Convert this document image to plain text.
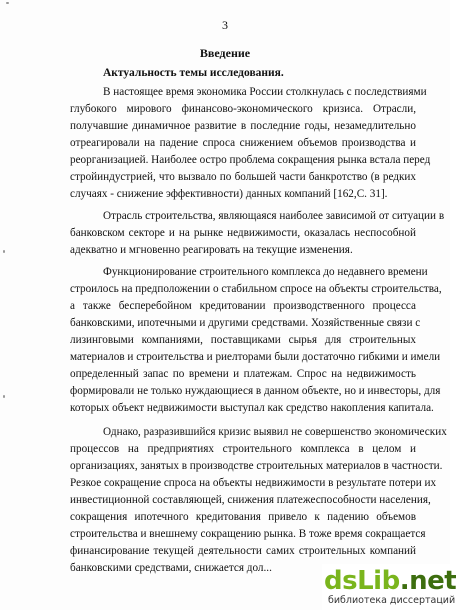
3
Введение
Актуальность темы исследования.
В настоящее время экономика России столкнулась с последствиями
глубокого мирового финансово-экономического кризиса. Отрасли,
получавшие динамичное развитие в последние годы, незамедлительно
отреагировали на падение спроса снижением объемов производства и
реорганизацией. Наиболее остро проблема сокращения рынка встала перед
стройиндустрией, что вызвало по большей части банкротство (в редких
случаях - снижение эффективности) данных компаний [162,С. 31].
Отрасль строительства, являющаяся наиболее зависимой от ситуации в
банковском секторе и на рынке недвижимости, оказалась неспособной
адекватно и мгновенно реагировать на текущие изменения.
Функционирование строительного комплекса до недавнего времени
строилось на предположении о стабильном спросе на объекты строительства,
а также бесперебойном кредитовании производственного процесса
банковскими, ипотечными и другими средствами. Хозяйственные связи с
лизинговыми компаниями, поставщиками сырья для строительных
материалов и строительства и риелторами были достаточно гибкими и имели
определенный запас по времени и платежам. Спрос на недвижимость
формировали не только нуждающиеся в данном объекте, но и инвесторы, для
которых объект недвижимости выступал как средство накопления капитала.
Однако, разразившийся кризис выявил не совершенство экономических
процессов на предприятиях строительного комплекса в целом и
организациях, занятых в производстве строительных материалов в частности.
Резкое сокращение спроса на объекты недвижимости в результате потери их
инвестиционной составляющей, снижения платежеспособности населения,
сокращения ипотечного кредитования привело к падению объемов
строительства и внешнему сокращению рынка. В тоже время сокращается
финансирование текущей деятельности самих строительных компаний
банковскими средствами, снижается дол...	dsLib.net
библиотека диссертаций
